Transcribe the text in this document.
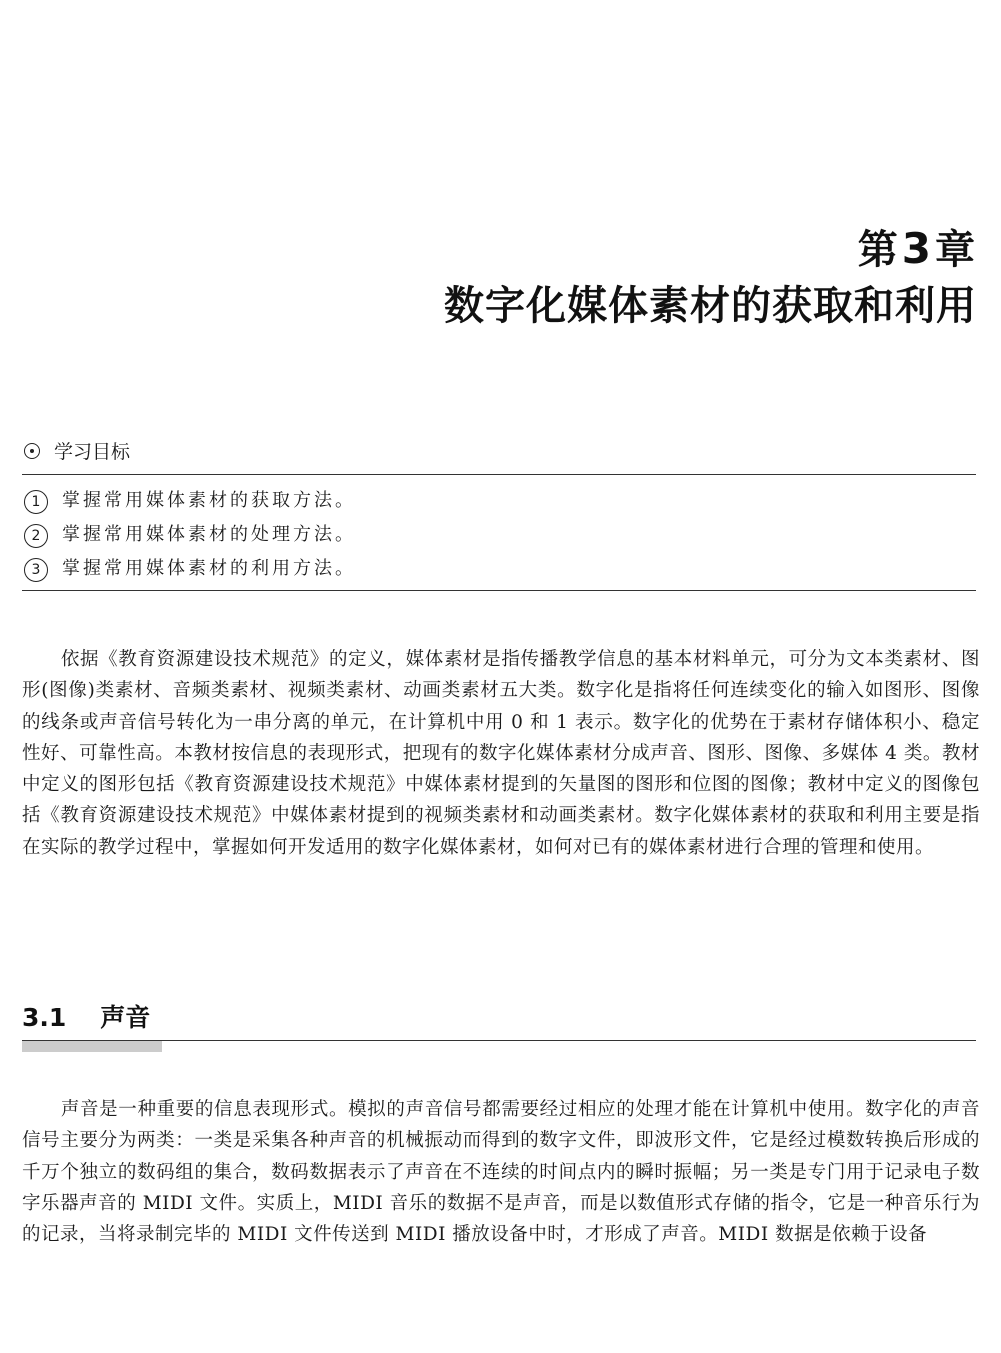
第3章
数字化媒体素材的获取和利用
学习目标
1 掌握常用媒体素材的获取方法。
2 掌握常用媒体素材的处理方法。
3 掌握常用媒体素材的利用方法。

依据《教育资源建设技术规范》的定义，媒体素材是指传播教学信息的基本材料单元，可分为文本类素材、图形(图像)类素材、音频类素材、视频类素材、动画类素材五大类。数字化是指将任何连续变化的输入如图形、图像的线条或声音信号转化为一串分离的单元，在计算机中用 0 和 1 表示。数字化的优势在于素材存储体积小、稳定性好、可靠性高。本教材按信息的表现形式，把现有的数字化媒体素材分成声音、图形、图像、多媒体 4 类。教材中定义的图形包括《教育资源建设技术规范》中媒体素材提到的矢量图的图形和位图的图像；教材中定义的图像包括《教育资源建设技术规范》中媒体素材提到的视频类素材和动画类素材。数字化媒体素材的获取和利用主要是指在实际的教学过程中，掌握如何开发适用的数字化媒体素材，如何对已有的媒体素材进行合理的管理和使用。

3.1 声音

声音是一种重要的信息表现形式。模拟的声音信号都需要经过相应的处理才能在计算机中使用。数字化的声音信号主要分为两类：一类是采集各种声音的机械振动而得到的数字文件，即波形文件，它是经过模数转换后形成的千万个独立的数码组的集合，数码数据表示了声音在不连续的时间点内的瞬时振幅；另一类是专门用于记录电子数字乐器声音的 MIDI 文件。实质上，MIDI 音乐的数据不是声音，而是以数值形式存储的指令，它是一种音乐行为的记录，当将录制完毕的 MIDI 文件传送到 MIDI 播放设备中时，才形成了声音。MIDI 数据是依赖于设备
